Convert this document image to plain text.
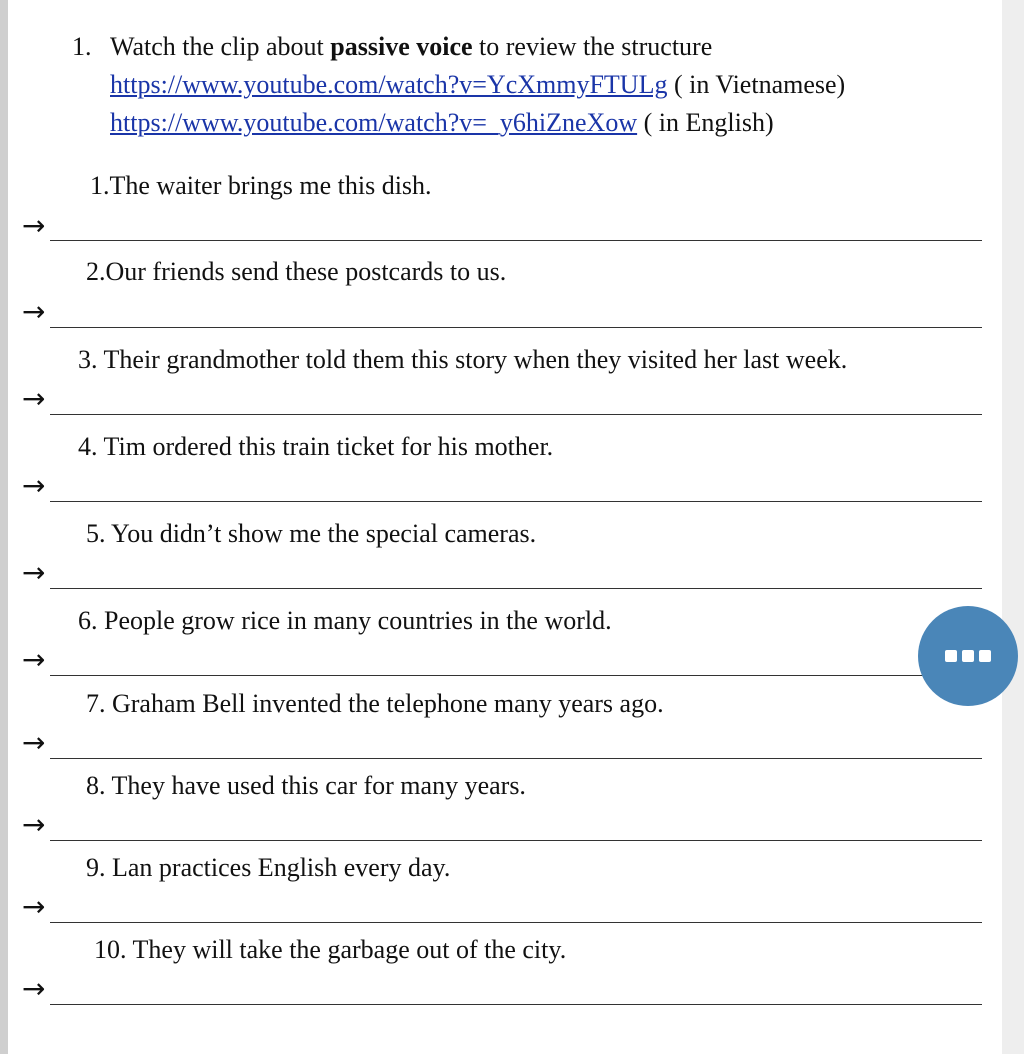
1. Watch the clip about passive voice to review the structure
https://www.youtube.com/watch?v=YcXmmyFTULg ( in Vietnamese)
https://www.youtube.com/watch?v=_y6hiZneXow ( in English)
1.The waiter brings me this dish.
→
2.Our friends send these postcards to us.
→
3. Their grandmother told them this story when they visited her last week.
→
4. Tim ordered this train ticket for his mother.
→
5. You didn’t show me the special cameras.
→
6. People grow rice in many countries in the world.
→
7. Graham Bell invented the telephone many years ago.
→
8. They have used this car for many years.
→
9. Lan practices English every day.
→
10. They will take the garbage out of the city.
→
